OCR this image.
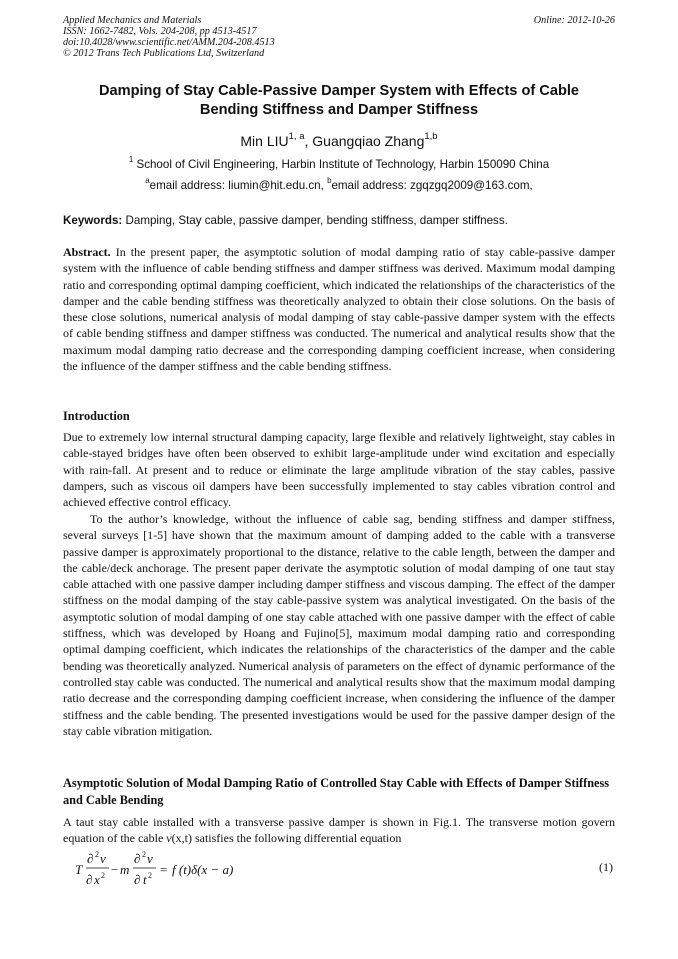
Applied Mechanics and Materials
ISSN: 1662-7482, Vols. 204-208, pp 4513-4517
doi:10.4028/www.scientific.net/AMM.204-208.4513
© 2012 Trans Tech Publications Ltd, Switzerland
Online: 2012-10-26
Damping of Stay Cable-Passive Damper System with Effects of Cable
Bending Stiffness and Damper Stiffness
Min LIU$^{1, a}$, Guangqiao Zhang$^{1,b}$
$^1$ School of Civil Engineering, Harbin Institute of Technology, Harbin 150090 China
$^a$email address: liumin@hit.edu.cn, $^b$email address: zgqzgq2009@163.com,
Keywords: Damping, Stay cable, passive damper, bending stiffness, damper stiffness.

Abstract. In the present paper, the asymptotic solution of modal damping ratio of stay cable-passive damper system with the influence of cable bending stiffness and damper stiffness was derived. Maximum modal damping ratio and corresponding optimal damping coefficient, which indicated the relationships of the characteristics of the damper and the cable bending stiffness was theoretically analyzed to obtain their close solutions. On the basis of these close solutions, numerical analysis of modal damping of stay cable-passive damper system with the effects of cable bending stiffness and damper stiffness was conducted. The numerical and analytical results show that the maximum modal damping ratio decrease and the corresponding damping coefficient increase, when considering the influence of the damper stiffness and the cable bending stiffness.

Introduction

Due to extremely low internal structural damping capacity, large flexible and relatively lightweight, stay cables in cable-stayed bridges have often been observed to exhibit large-amplitude under wind excitation and especially with rain-fall. At present and to reduce or eliminate the large amplitude vibration of the stay cables, passive dampers, such as viscous oil dampers have been successfully implemented to stay cables vibration control and achieved effective control efficacy.

To the author’s knowledge, without the influence of cable sag, bending stiffness and damper stiffness, several surveys [1-5] have shown that the maximum amount of damping added to the cable with a transverse passive damper is approximately proportional to the distance, relative to the cable length, between the damper and the cable/deck anchorage. The present paper derivate the asymptotic solution of modal damping of one taut stay cable attached with one passive damper including damper stiffness and viscous damping. The effect of the damper stiffness on the modal damping of the stay cable-passive system was analytical investigated. On the basis of the asymptotic solution of modal damping of one stay cable attached with one passive damper with the effect of cable stiffness, which was developed by Hoang and Fujino[5], maximum modal damping ratio and corresponding optimal damping coefficient, which indicates the relationships of the characteristics of the damper and the cable bending was theoretically analyzed. Numerical analysis of parameters on the effect of dynamic performance of the controlled stay cable was conducted. The numerical and analytical results show that the maximum modal damping ratio decrease and the corresponding damping coefficient increase, when considering the influence of the damper stiffness and the cable bending. The presented investigations would be used for the passive damper design of the stay cable vibration mitigation.

Asymptotic Solution of Modal Damping Ratio of Controlled Stay Cable with Effects of Damper Stiffness and Cable Bending

A taut stay cable installed with a transverse passive damper is shown in Fig.1. The transverse motion govern equation of the cable v(x,t) satisfies the following differential equation

T
∂ 2 v
∂ x 2 − m
∂ 2 v
∂ t 2 = f (t)δ(x − a)	(1)
